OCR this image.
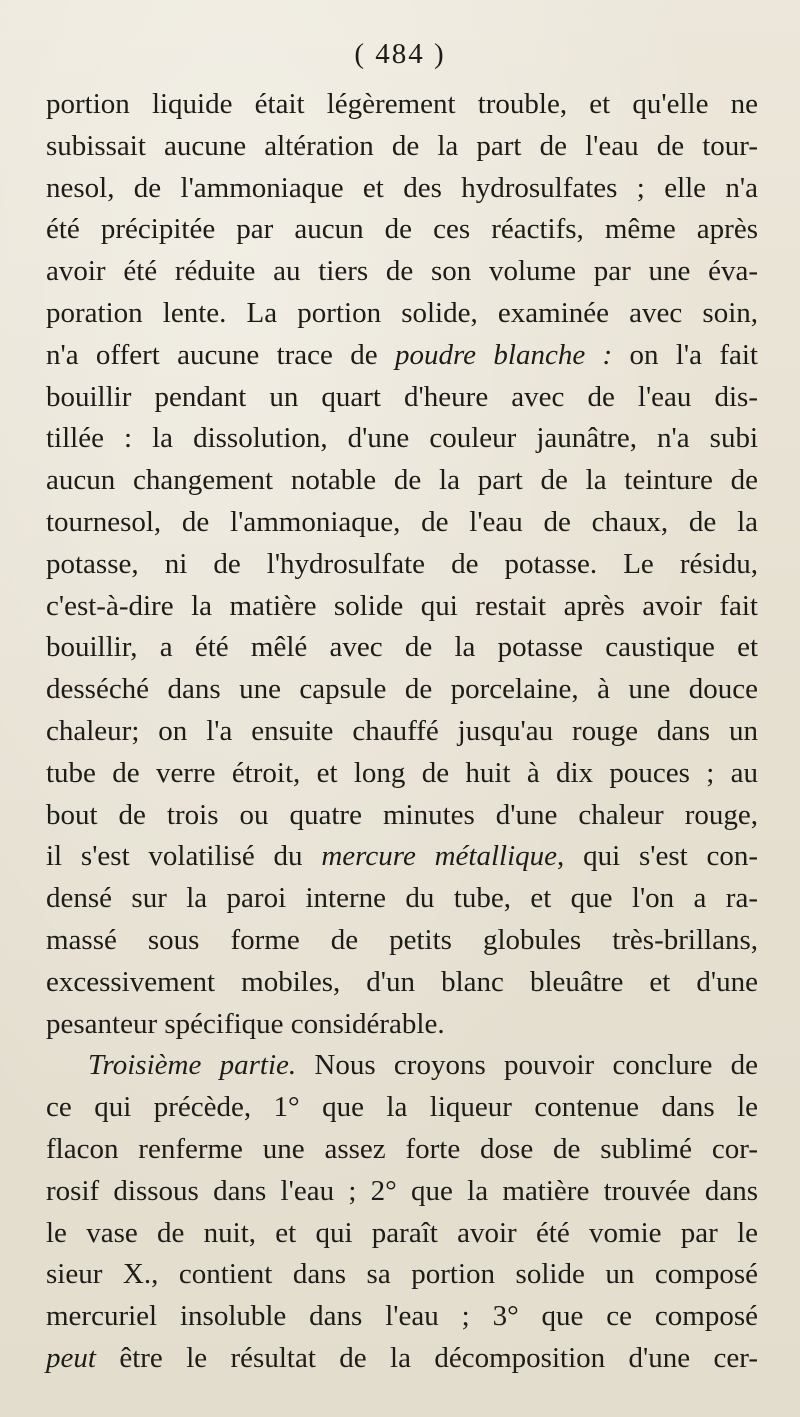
( 484 )
portion liquide était légèrement trouble, et qu'elle ne
subissait aucune altération de la part de l'eau de tour-
nesol, de l'ammoniaque et des hydrosulfates ; elle n'a
été précipitée par aucun de ces réactifs, même après
avoir été réduite au tiers de son volume par une éva-
poration lente. La portion solide, examinée avec soin,
n'a offert aucune trace de poudre blanche : on l'a fait
bouillir pendant un quart d'heure avec de l'eau dis-
tillée : la dissolution, d'une couleur jaunâtre, n'a subi
aucun changement notable de la part de la teinture de
tournesol, de l'ammoniaque, de l'eau de chaux, de la
potasse, ni de l'hydrosulfate de potasse. Le résidu,
c'est-à-dire la matière solide qui restait après avoir fait
bouillir, a été mêlé avec de la potasse caustique et
desséché dans une capsule de porcelaine, à une douce
chaleur; on l'a ensuite chauffé jusqu'au rouge dans un
tube de verre étroit, et long de huit à dix pouces ; au
bout de trois ou quatre minutes d'une chaleur rouge,
il s'est volatilisé du mercure métallique, qui s'est con-
densé sur la paroi interne du tube, et que l'on a ra-
massé sous forme de petits globules très-brillans,
excessivement mobiles, d'un blanc bleuâtre et d'une
pesanteur spécifique considérable.
Troisième partie. Nous croyons pouvoir conclure de
ce qui précède, 1° que la liqueur contenue dans le
flacon renferme une assez forte dose de sublimé cor-
rosif dissous dans l'eau ; 2° que la matière trouvée dans
le vase de nuit, et qui paraît avoir été vomie par le
sieur X., contient dans sa portion solide un composé
mercuriel insoluble dans l'eau ; 3° que ce composé
peut être le résultat de la décomposition d'une cer-
